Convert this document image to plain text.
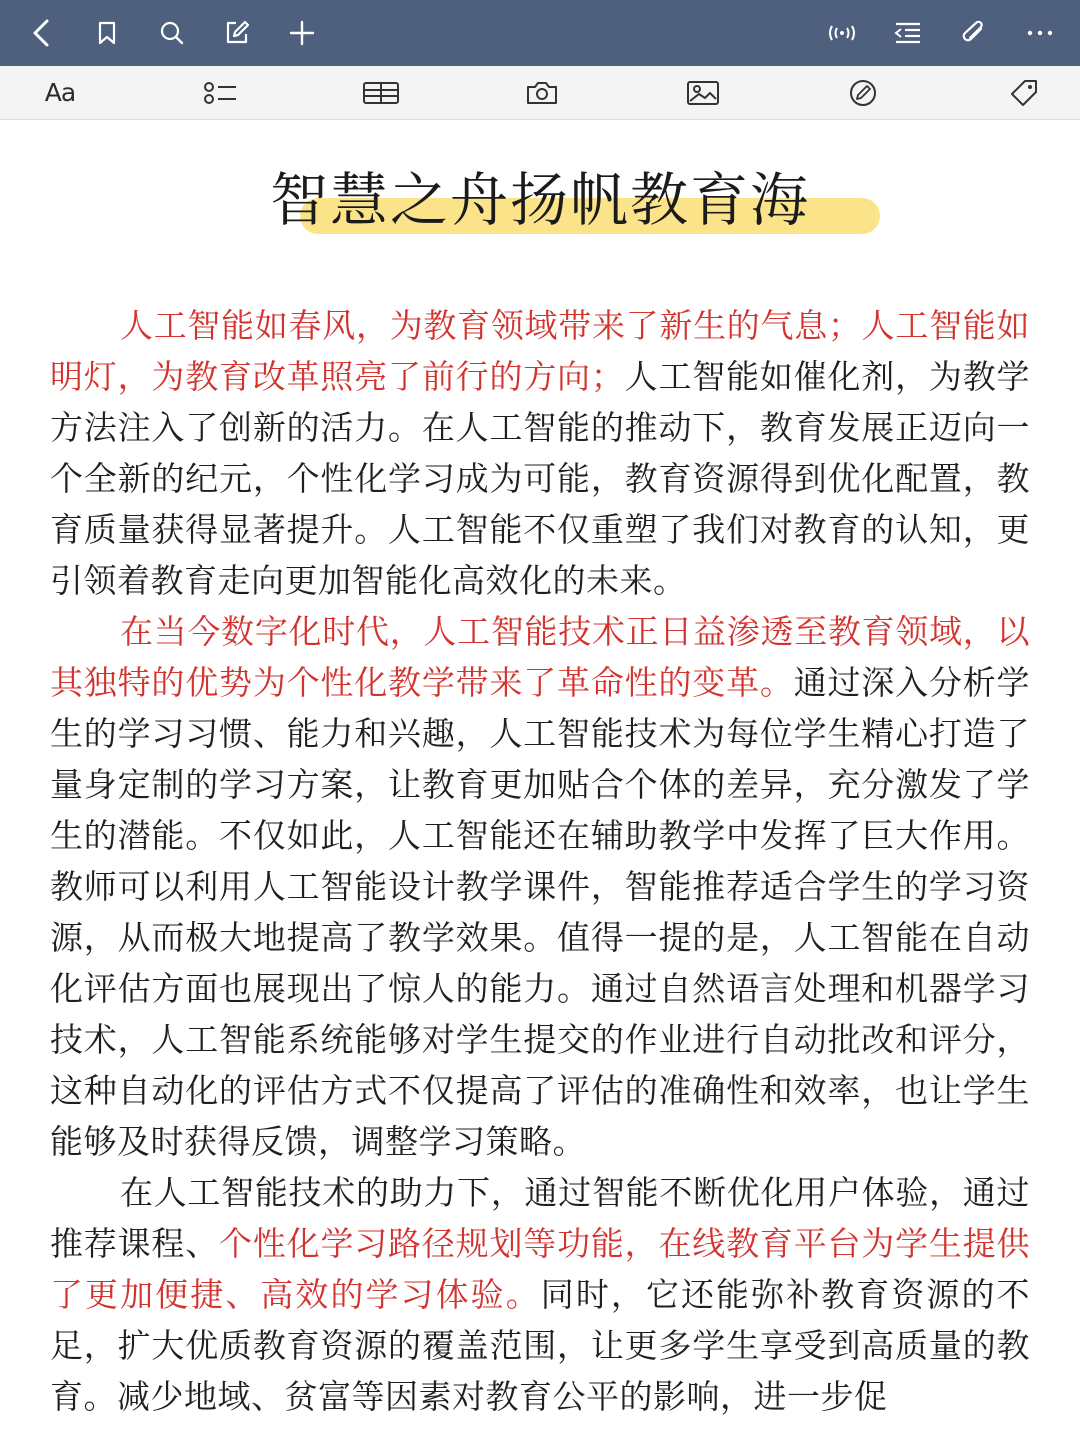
Aa
智慧之舟扬帆教育海

人工智能如春风，为教育领域带来了新生的气息；人工智能如明灯，为教育改革照亮了前行的方向；人工智能如催化剂，为教学方法注入了创新的活力。在人工智能的推动下，教育发展正迈向一个全新的纪元，个性化学习成为可能，教育资源得到优化配置，教育质量获得显著提升。人工智能不仅重塑了我们对教育的认知，更引领着教育走向更加智能化高效化的未来。

在当今数字化时代，人工智能技术正日益渗透至教育领域，以其独特的优势为个性化教学带来了革命性的变革。通过深入分析学生的学习习惯、能力和兴趣，人工智能技术为每位学生精心打造了量身定制的学习方案，让教育更加贴合个体的差异，充分激发了学生的潜能。不仅如此，人工智能还在辅助教学中发挥了巨大作用。教师可以利用人工智能设计教学课件，智能推荐适合学生的学习资源，从而极大地提高了教学效果。值得一提的是，人工智能在自动化评估方面也展现出了惊人的能力。通过自然语言处理和机器学习技术，人工智能系统能够对学生提交的作业进行自动批改和评分，这种自动化的评估方式不仅提高了评估的准确性和效率，也让学生能够及时获得反馈，调整学习策略。

在人工智能技术的助力下，通过智能不断优化用户体验，通过推荐课程、个性化学习路径规划等功能，在线教育平台为学生提供了更加便捷、高效的学习体验。同时，它还能弥补教育资源的不足，扩大优质教育资源的覆盖范围，让更多学生享受到高质量的教育。减少地域、贫富等因素对教育公平的影响，进一步促
